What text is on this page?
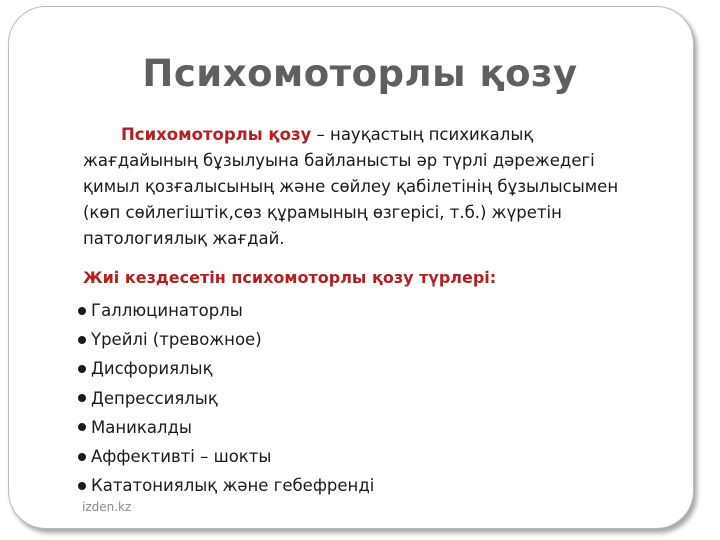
Психомоторлы қозу

Психомоторлы қозу – науқастың психикалық жағдайының бұзылуына байланысты әр түрлі дәрежедегі қимыл қозғалысының және сөйлеу қабілетінің бұзылысымен (көп сөйлегіштік,сөз құрамының өзгерісі, т.б.) жүретін патологиялық жағдай.

Жиі кездесетін психомоторлы қозу түрлері:

Галлюцинаторлы
Үрейлі (тревожное)
Дисфориялық
Депрессиялық
Маникалды
Аффективті – шокты
Кататониялық және гебефренді

izden.kz
